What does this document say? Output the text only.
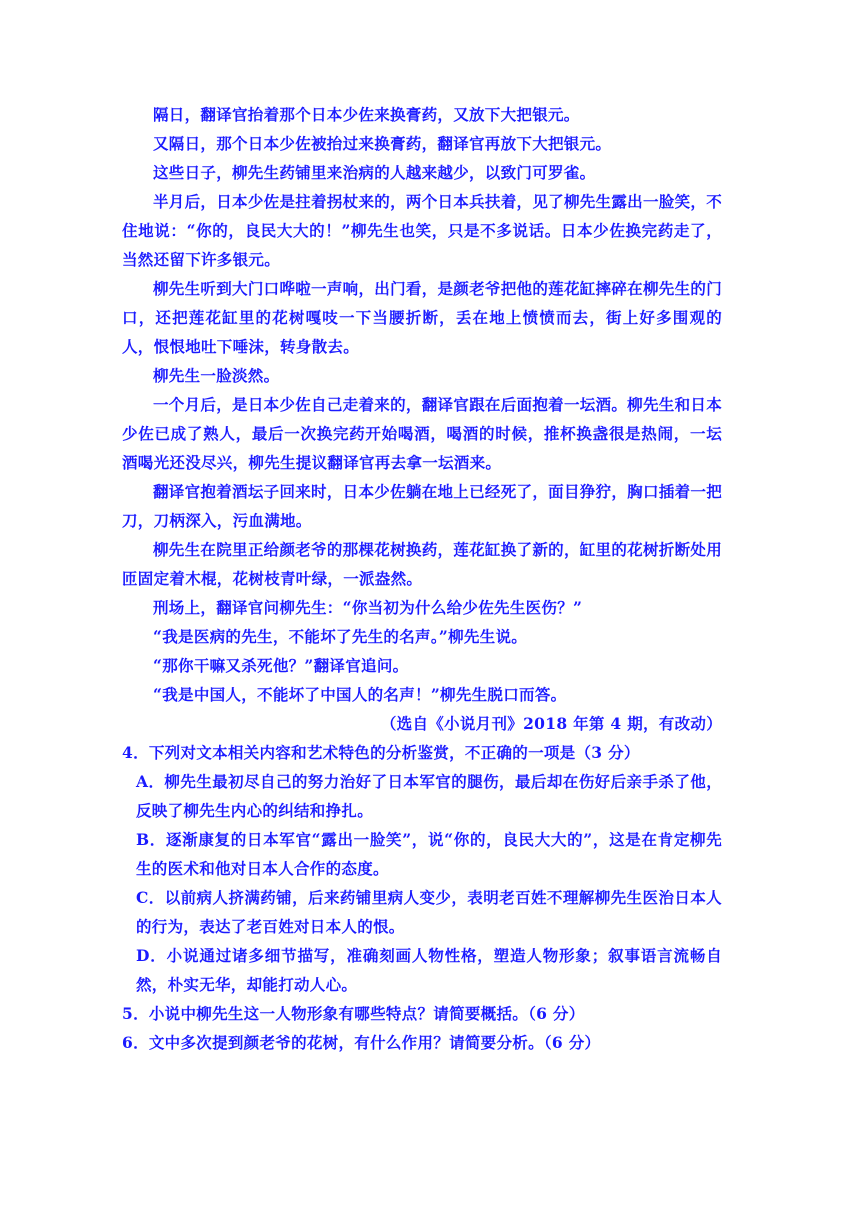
隔日，翻译官抬着那个日本少佐来换膏药，又放下大把银元。

又隔日，那个日本少佐被抬过来换膏药，翻译官再放下大把银元。

这些日子，柳先生药铺里来治病的人越来越少，以致门可罗雀。

半月后，日本少佐是拄着拐杖来的，两个日本兵扶着，见了柳先生露出一脸笑，不住地说：“你的，良民大大的！”柳先生也笑，只是不多说话。日本少佐换完药走了，当然还留下许多银元。

柳先生听到大门口哗啦一声响，出门看，是颜老爷把他的莲花缸摔碎在柳先生的门口，还把莲花缸里的花树嘎吱一下当腰折断，丢在地上愤愤而去，街上好多围观的人，恨恨地吐下唾沫，转身散去。

柳先生一脸淡然。

一个月后，是日本少佐自己走着来的，翻译官跟在后面抱着一坛酒。柳先生和日本少佐已成了熟人，最后一次换完药开始喝酒，喝酒的时候，推杯换盏很是热闹，一坛酒喝光还没尽兴，柳先生提议翻译官再去拿一坛酒来。

翻译官抱着酒坛子回来时，日本少佐躺在地上已经死了，面目狰狞，胸口插着一把刀，刀柄深入，污血满地。

柳先生在院里正给颜老爷的那棵花树换药，莲花缸换了新的，缸里的花树折断处用匝固定着木棍，花树枝青叶绿，一派盎然。

刑场上，翻译官问柳先生：“你当初为什么给少佐先生医伤？”

“我是医病的先生，不能坏了先生的名声。”柳先生说。

“那你干嘛又杀死他？”翻译官追问。

“我是中国人，不能坏了中国人的名声！”柳先生脱口而答。

（选自《小说月刊》2018 年第 4 期，有改动）

4．下列对文本相关内容和艺术特色的分析鉴赏，不正确的一项是（3 分）

A．柳先生最初尽自己的努力治好了日本军官的腿伤，最后却在伤好后亲手杀了他，反映了柳先生内心的纠结和挣扎。

B．逐渐康复的日本军官“露出一脸笑”，说“你的，良民大大的”，这是在肯定柳先生的医术和他对日本人合作的态度。

C．以前病人挤满药铺，后来药铺里病人变少，表明老百姓不理解柳先生医治日本人的行为，表达了老百姓对日本人的恨。

D．小说通过诸多细节描写，准确刻画人物性格，塑造人物形象；叙事语言流畅自然，朴实无华，却能打动人心。

5．小说中柳先生这一人物形象有哪些特点？请简要概括。（6 分）

6．文中多次提到颜老爷的花树，有什么作用？请简要分析。（6 分）
